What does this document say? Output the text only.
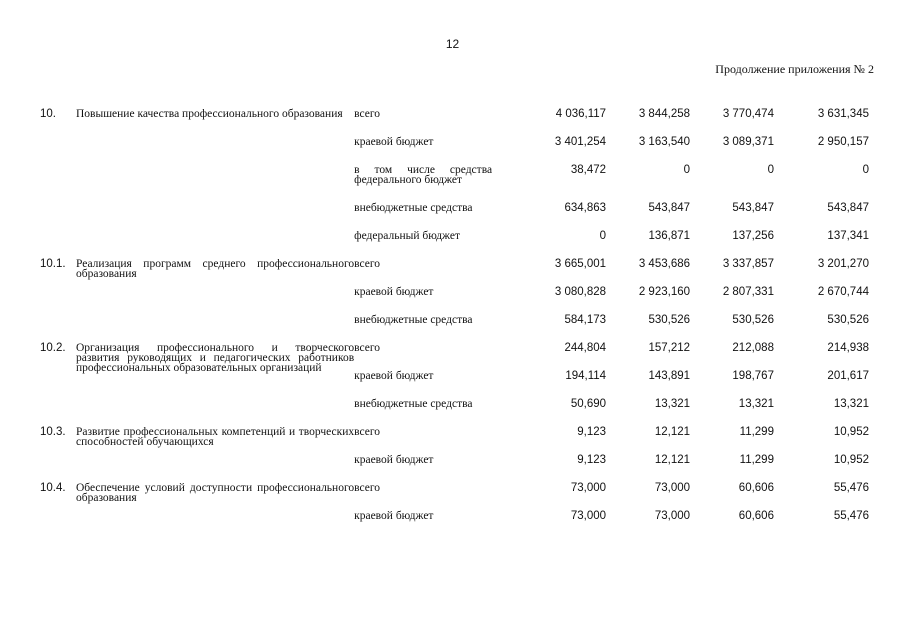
12
Продолжение приложения № 2
10.	Повышение качества профессионального образования	всего	4 036,117	3 844,258	3 770,474	3 631,345
		краевой бюджет	3 401,254	3 163,540	3 089,371	2 950,157
		в том числе средства федерального бюджет	38,472	0	0	0
		внебюджетные средства	634,863	543,847	543,847	543,847
		федеральный бюджет	0	136,871	137,256	137,341

10.1.	Реализация программ среднего профессионального образования	всего	3 665,001	3 453,686	3 337,857	3 201,270
		краевой бюджет	3 080,828	2 923,160	2 807,331	2 670,744
		внебюджетные средства	584,173	530,526	530,526	530,526

10.2.	Организация профессионального и творческого развития руководящих и педагогических работников профессиональных образовательных организаций	всего	244,804	157,212	212,088	214,938
		краевой бюджет	194,114	143,891	198,767	201,617
		внебюджетные средства	50,690	13,321	13,321	13,321

10.3.	Развитие профессиональных компетенций и творческих способностей обучающихся	всего	9,123	12,121	11,299	10,952
		краевой бюджет	9,123	12,121	11,299	10,952

10.4.	Обеспечение условий доступности профессионального образования	всего	73,000	73,000	60,606	55,476
		краевой бюджет	73,000	73,000	60,606	55,476
